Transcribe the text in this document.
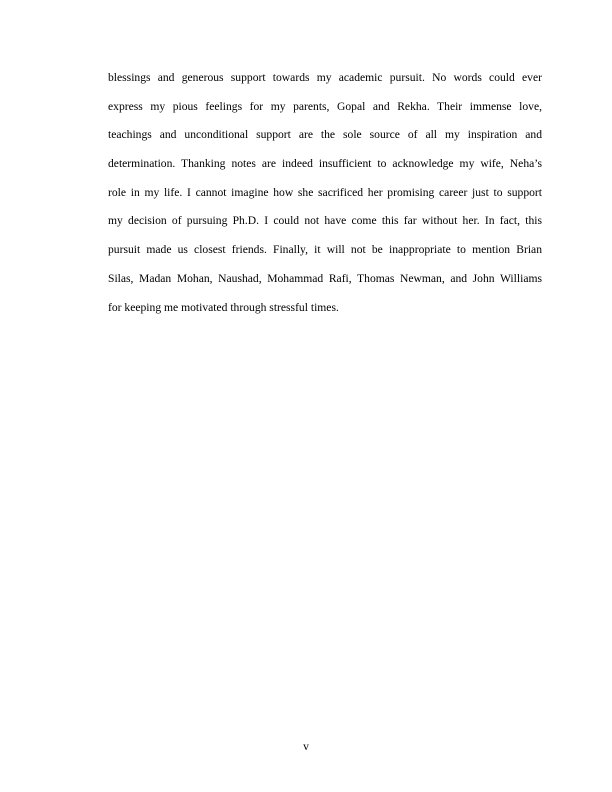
blessings and generous support towards my academic pursuit. No words could ever
express my pious feelings for my parents, Gopal and Rekha. Their immense love,
teachings and unconditional support are the sole source of all my inspiration and
determination. Thanking notes are indeed insufficient to acknowledge my wife, Neha’s
role in my life. I cannot imagine how she sacrificed her promising career just to support
my decision of pursuing Ph.D. I could not have come this far without her. In fact, this
pursuit made us closest friends. Finally, it will not be inappropriate to mention Brian
Silas, Madan Mohan, Naushad, Mohammad Rafi, Thomas Newman, and John Williams
for keeping me motivated through stressful times.
v
